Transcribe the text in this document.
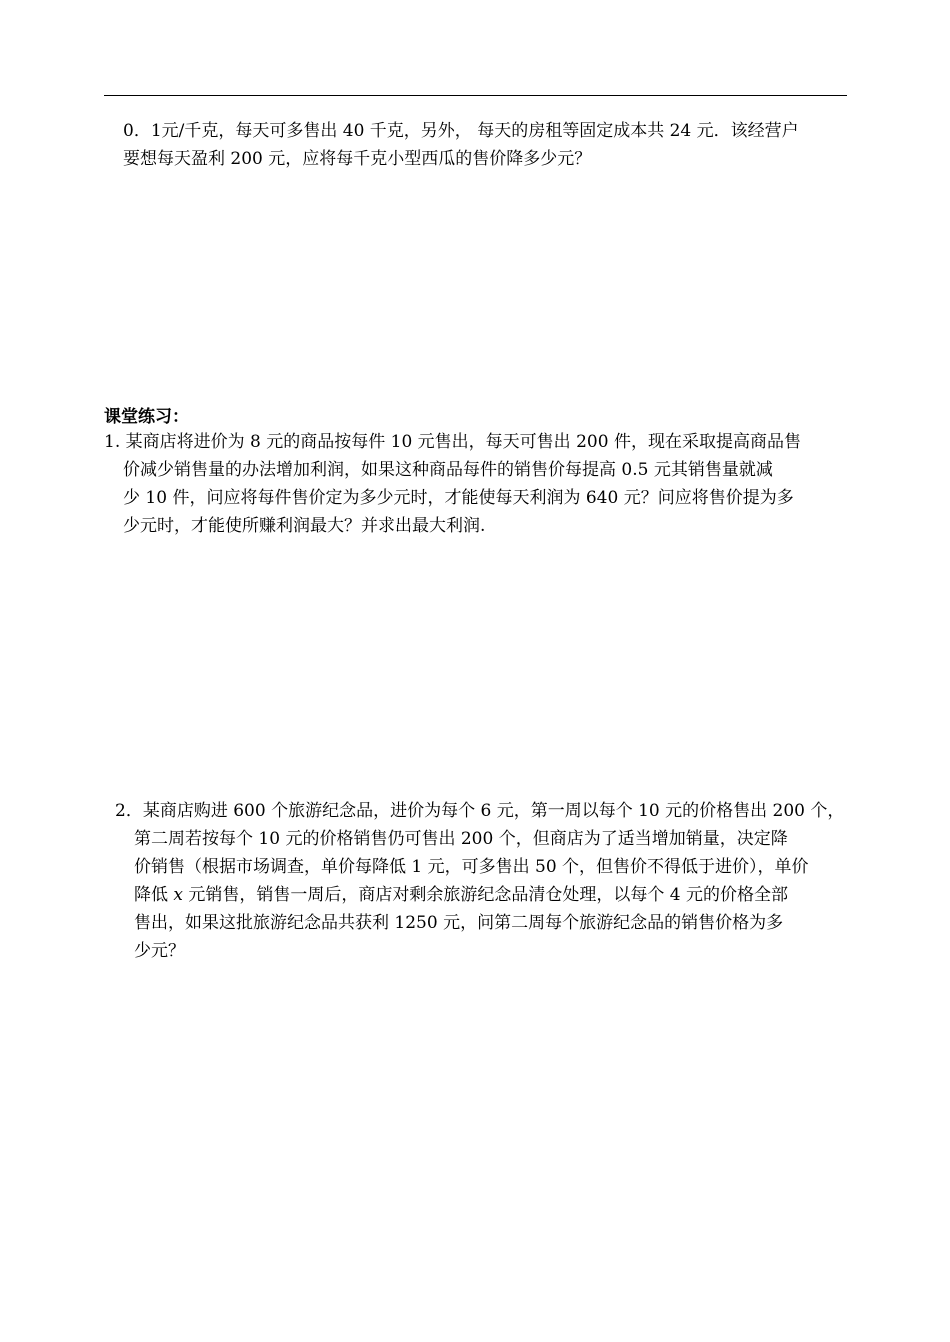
0．1元/千克，每天可多售出 40 千克，另外， 每天的房租等固定成本共 24 元．该经营户
要想每天盈利 200 元，应将每千克小型西瓜的售价降多少元？
课堂练习：
1. 某商店将进价为 8 元的商品按每件 10 元售出，每天可售出 200 件，现在采取提高商品售
价减少销售量的办法增加利润，如果这种商品每件的销售价每提高 0.5 元其销售量就减
少 10 件，问应将每件售价定为多少元时，才能使每天利润为 640 元？问应将售价提为多
少元时，才能使所赚利润最大？并求出最大利润.
2．某商店购进 600 个旅游纪念品，进价为每个 6 元，第一周以每个 10 元的价格售出 200 个，
第二周若按每个 10 元的价格销售仍可售出 200 个，但商店为了适当增加销量，决定降
价销售（根据市场调查，单价每降低 1 元，可多售出 50 个，但售价不得低于进价），单价
降低 x 元销售，销售一周后，商店对剩余旅游纪念品清仓处理，以每个 4 元的价格全部
售出，如果这批旅游纪念品共获利 1250 元，问第二周每个旅游纪念品的销售价格为多
少元？
